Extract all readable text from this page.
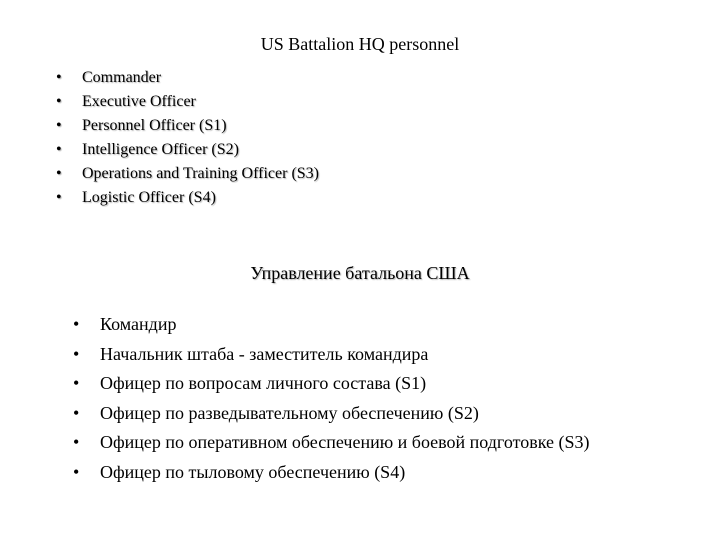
US Battalion HQ personnel
• Commander
• Executive Officer
• Personnel Officer (S1)
• Intelligence Officer (S2)
• Operations and Training Officer (S3)
• Logistic Officer (S4)
Управление батальона США
• Командир
• Начальник штаба - заместитель командира
• Офицер по вопросам личного состава (S1)
• Офицер по разведывательному обеспечению (S2)
• Офицер по оперативном обеспечению и боевой подготовке (S3)
• Офицер по тыловому обеспечению (S4)
